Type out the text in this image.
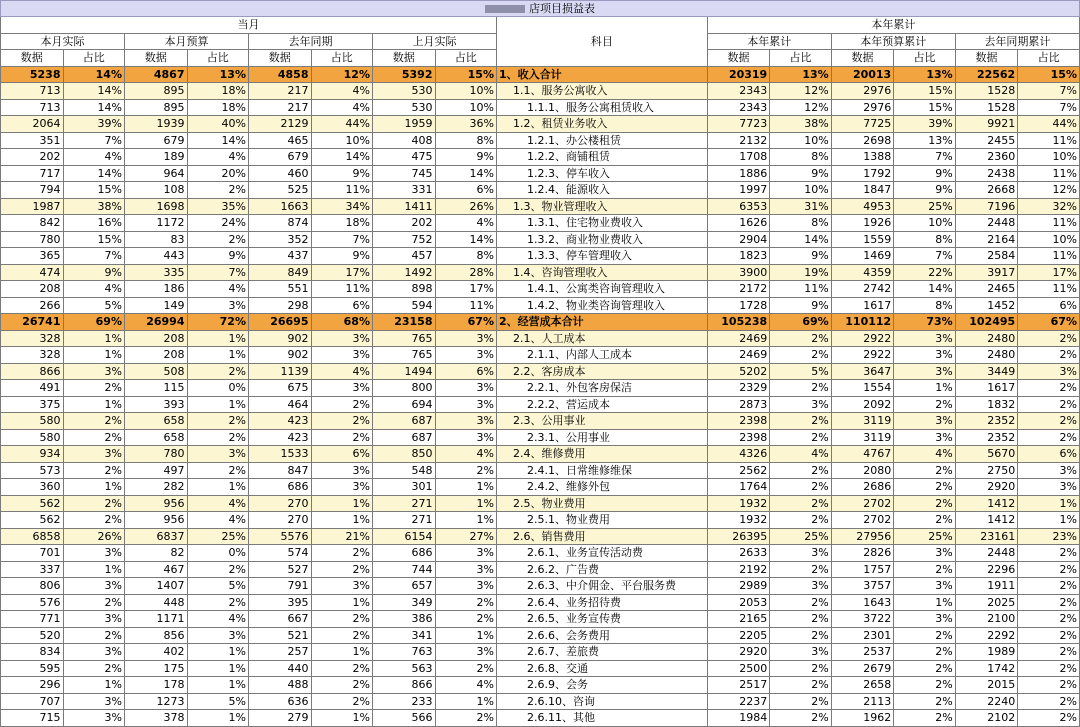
店项目损益表														
当月								科目	本年累计					
本月实际		本月预算		去年同期		上月实际			本年累计		本年预算累计		去年同期累计	
数据	占比	数据	占比	数据	占比	数据	占比		数据	占比	数据	占比	数据	占比
5238	14%	4867	13%	4858	12%	5392	15%	1、收入合计	20319	13%	20013	13%	22562	15%
713	14%	895	18%	217	4%	530	10%	1.1、服务公寓收入	2343	12%	2976	15%	1528	7%
713	14%	895	18%	217	4%	530	10%	1.1.1、服务公寓租赁收入	2343	12%	2976	15%	1528	7%
2064	39%	1939	40%	2129	44%	1959	36%	1.2、租赁业务收入	7723	38%	7725	39%	9921	44%
351	7%	679	14%	465	10%	408	8%	1.2.1、办公楼租赁	2132	10%	2698	13%	2455	11%
202	4%	189	4%	679	14%	475	9%	1.2.2、商铺租赁	1708	8%	1388	7%	2360	10%
717	14%	964	20%	460	9%	745	14%	1.2.3、停车收入	1886	9%	1792	9%	2438	11%
794	15%	108	2%	525	11%	331	6%	1.2.4、能源收入	1997	10%	1847	9%	2668	12%
1987	38%	1698	35%	1663	34%	1411	26%	1.3、物业管理收入	6353	31%	4953	25%	7196	32%
842	16%	1172	24%	874	18%	202	4%	1.3.1、住宅物业费收入	1626	8%	1926	10%	2448	11%
780	15%	83	2%	352	7%	752	14%	1.3.2、商业物业费收入	2904	14%	1559	8%	2164	10%
365	7%	443	9%	437	9%	457	8%	1.3.3、停车管理收入	1823	9%	1469	7%	2584	11%
474	9%	335	7%	849	17%	1492	28%	1.4、咨询管理收入	3900	19%	4359	22%	3917	17%
208	4%	186	4%	551	11%	898	17%	1.4.1、公寓类咨询管理收入	2172	11%	2742	14%	2465	11%
266	5%	149	3%	298	6%	594	11%	1.4.2、物业类咨询管理收入	1728	9%	1617	8%	1452	6%
26741	69%	26994	72%	26695	68%	23158	67%	2、经营成本合计	105238	69%	110112	73%	102495	67%
328	1%	208	1%	902	3%	765	3%	2.1、人工成本	2469	2%	2922	3%	2480	2%
328	1%	208	1%	902	3%	765	3%	2.1.1、内部人工成本	2469	2%	2922	3%	2480	2%
866	3%	508	2%	1139	4%	1494	6%	2.2、客房成本	5202	5%	3647	3%	3449	3%
491	2%	115	0%	675	3%	800	3%	2.2.1、外包客房保洁	2329	2%	1554	1%	1617	2%
375	1%	393	1%	464	2%	694	3%	2.2.2、营运成本	2873	3%	2092	2%	1832	2%
580	2%	658	2%	423	2%	687	3%	2.3、公用事业	2398	2%	3119	3%	2352	2%
580	2%	658	2%	423	2%	687	3%	2.3.1、公用事业	2398	2%	3119	3%	2352	2%
934	3%	780	3%	1533	6%	850	4%	2.4、维修费用	4326	4%	4767	4%	5670	6%
573	2%	497	2%	847	3%	548	2%	2.4.1、日常维修维保	2562	2%	2080	2%	2750	3%
360	1%	282	1%	686	3%	301	1%	2.4.2、维修外包	1764	2%	2686	2%	2920	3%
562	2%	956	4%	270	1%	271	1%	2.5、物业费用	1932	2%	2702	2%	1412	1%
562	2%	956	4%	270	1%	271	1%	2.5.1、物业费用	1932	2%	2702	2%	1412	1%
6858	26%	6837	25%	5576	21%	6154	27%	2.6、销售费用	26395	25%	27956	25%	23161	23%
701	3%	82	0%	574	2%	686	3%	2.6.1、业务宣传活动费	2633	3%	2826	3%	2448	2%
337	1%	467	2%	527	2%	744	3%	2.6.2、广告费	2192	2%	1757	2%	2296	2%
806	3%	1407	5%	791	3%	657	3%	2.6.3、中介佣金、平台服务费	2989	3%	3757	3%	1911	2%
576	2%	448	2%	395	1%	349	2%	2.6.4、业务招待费	2053	2%	1643	1%	2025	2%
771	3%	1171	4%	667	2%	386	2%	2.6.5、业务宣传费	2165	2%	3722	3%	2100	2%
520	2%	856	3%	521	2%	341	1%	2.6.6、会务费用	2205	2%	2301	2%	2292	2%
834	3%	402	1%	257	1%	763	3%	2.6.7、差旅费	2920	3%	2537	2%	1989	2%
595	2%	175	1%	440	2%	563	2%	2.6.8、交通	2500	2%	2679	2%	1742	2%
296	1%	178	1%	488	2%	866	4%	2.6.9、会务	2517	2%	2658	2%	2015	2%
707	3%	1273	5%	636	2%	233	1%	2.6.10、咨询	2237	2%	2113	2%	2240	2%
715	3%	378	1%	279	1%	566	2%	2.6.11、其他	1984	2%	1962	2%	2102	2%
